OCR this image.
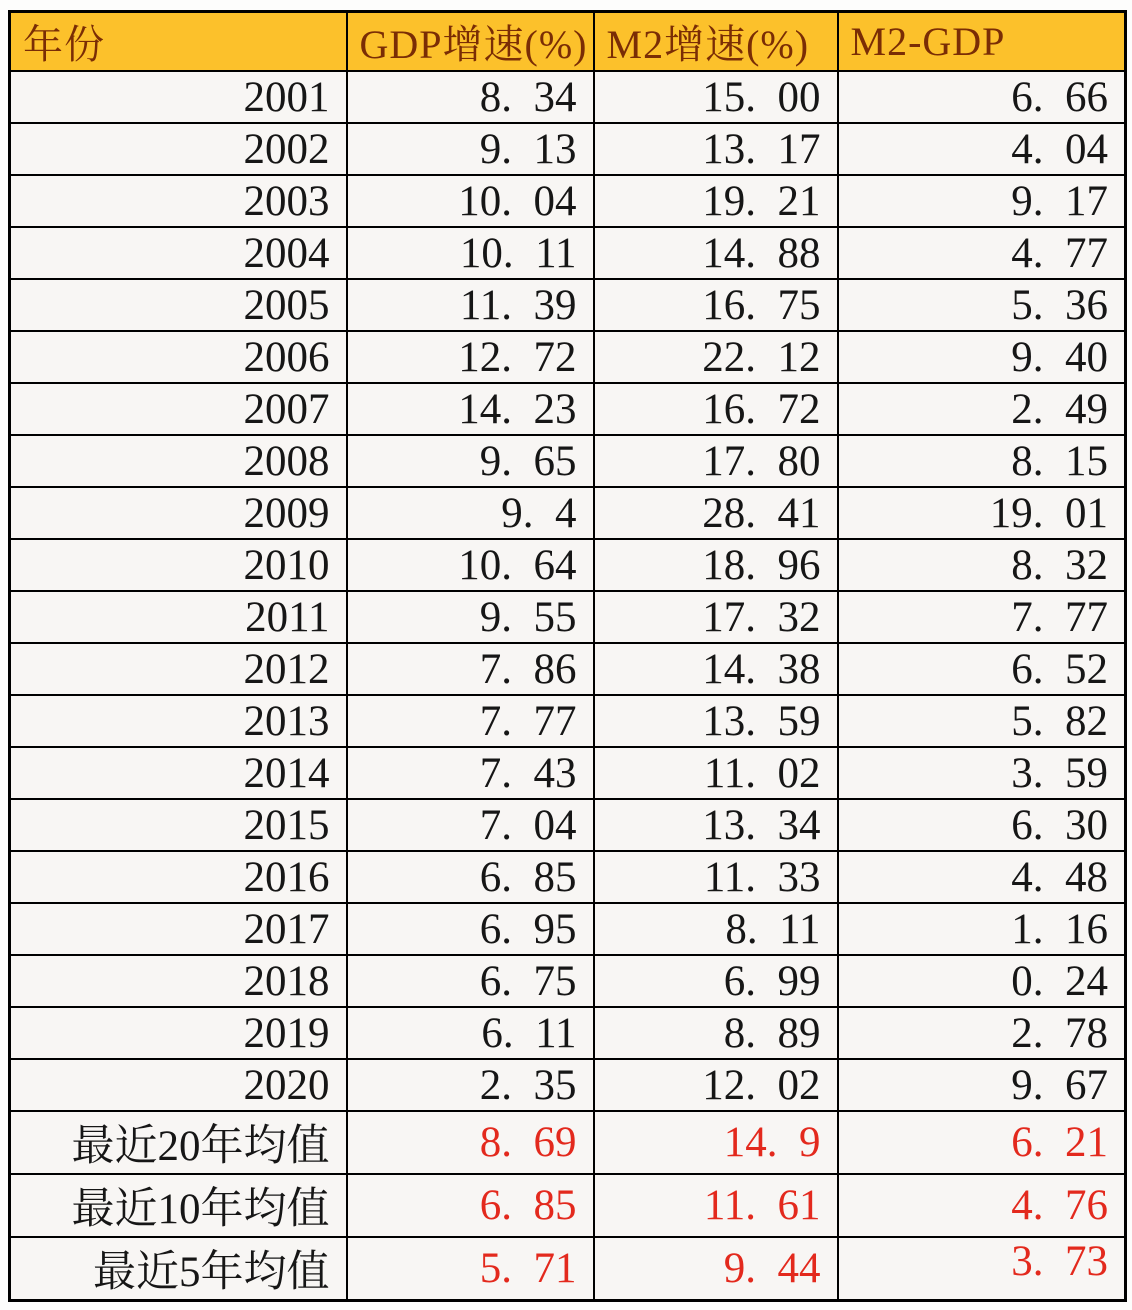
年份	GDP增速(%)	M2增速(%)	M2-GDP
2001	8. 34	15. 00	6. 66
2002	9. 13	13. 17	4. 04
2003	10. 04	19. 21	9. 17
2004	10. 11	14. 88	4. 77
2005	11. 39	16. 75	5. 36
2006	12. 72	22. 12	9. 40
2007	14. 23	16. 72	2. 49
2008	9. 65	17. 80	8. 15
2009	9. 4	28. 41	19. 01
2010	10. 64	18. 96	8. 32
2011	9. 55	17. 32	7. 77
2012	7. 86	14. 38	6. 52
2013	7. 77	13. 59	5. 82
2014	7. 43	11. 02	3. 59
2015	7. 04	13. 34	6. 30
2016	6. 85	11. 33	4. 48
2017	6. 95	8. 11	1. 16
2018	6. 75	6. 99	0. 24
2019	6. 11	8. 89	2. 78
2020	2. 35	12. 02	9. 67
最近20年均值	8. 69	14. 9	6. 21
最近10年均值	6. 85	11. 61	4. 76
最近5年均值	5. 71	9. 44	3. 73
